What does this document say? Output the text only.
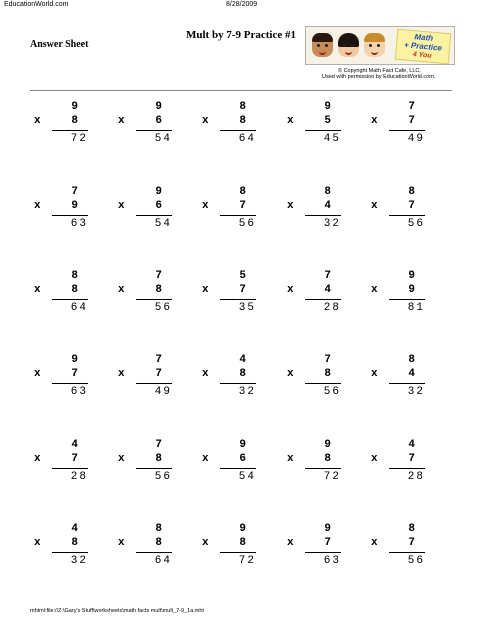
EducationWorld.com	8/28/2009
Mult by 7-9 Practice #1
Answer Sheet
Math
+ Practice
4 You
© Copyright Math Fact Cafe, LLC.
Used with permission by EducationWorld.com.
9
x	8
72
9
x	6
54
8
x	8
64
9
x	5
45
7
x	7
49
7
x	9
63
9
x	6
54
8
x	7
56
8
x	4
32
8
x	7
56
8
x	8
64
7
x	8
56
5
x	7
35
7
x	4
28
9
x	9
81
9
x	7
63
7
x	7
49
4
x	8
32
7
x	8
56
8
x	4
32
4
x	7
28
7
x	8
56
9
x	6
54
9
x	8
72
4
x	7
28
4
x	8
32
8
x	8
64
9
x	8
72
9
x	7
63
8
x	7
56
mhtml:file://Z:\Gary's Stuff\worksheets\math facts mult\mult_7-9_1a.mht
